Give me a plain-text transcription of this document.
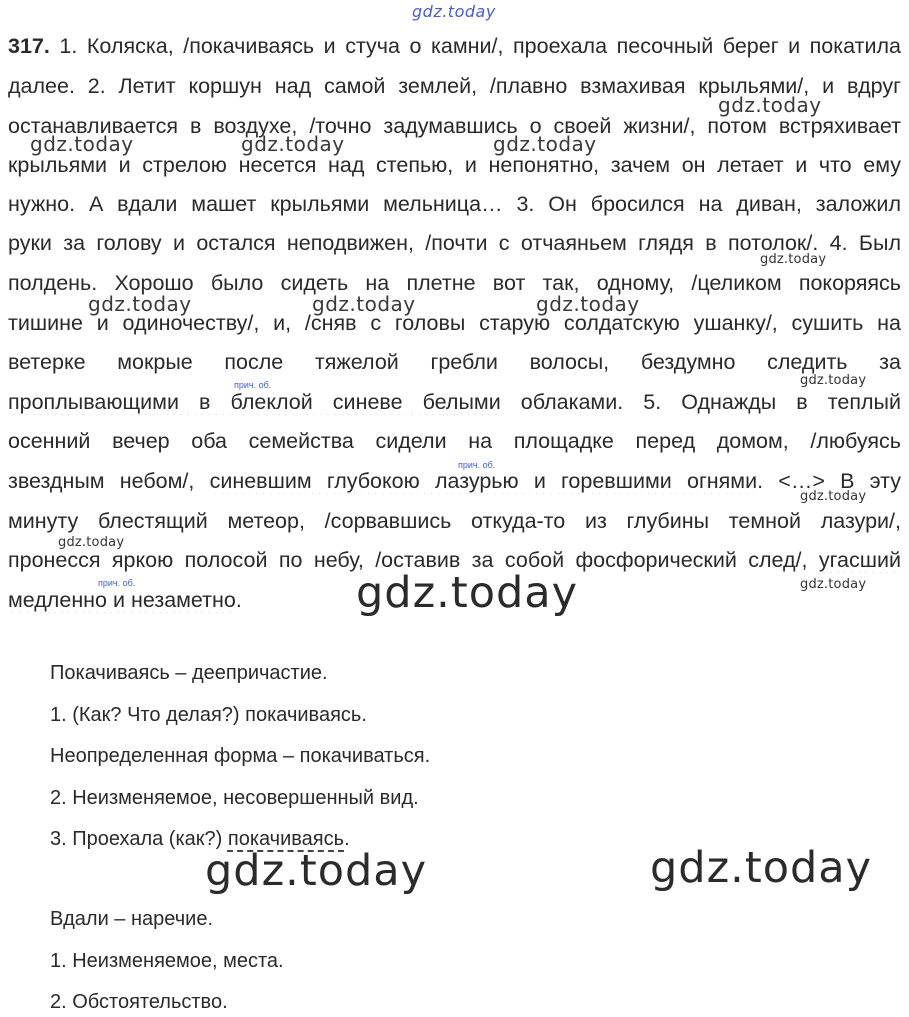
gdz.today
317. 1. Коляска, /покачиваясь и стуча о камни/, проехала песочный берег и покатила
далее. 2. Летит коршун над самой землей, /плавно взмахивая крыльями/, и вдруг
останавливается в воздухе, /точно задумавшись о своей жизни/, потом встряхивает
крыльями и стрелою несется над степью, и непонятно, зачем он летает и что ему
нужно. А вдали машет крыльями мельница… 3. Он бросился на диван, заложил
руки за голову и остался неподвижен, /почти с отчаяньем глядя в потолок/. 4. Был
полдень. Хорошо было сидеть на плетне вот так, одному, /целиком покоряясь
тишине и одиночеству/, и, /сняв с головы старую солдатскую ушанку/, сушить на
ветерке мокрые после тяжелой гребли волосы, бездумно следить за
проплывающими в блеклой синеве белыми облаками. 5. Однажды в теплый
осенний вечер оба семейства сидели на площадке перед домом, /любуясь
звездным небом/, синевшим глубокою лазурью и горевшими огнями. <…> В эту
минуту блестящий метеор, /сорвавшись откуда-то из глубины темной лазури/,
пронесся яркою полосой по небу, /оставив за собой фосфорический след/, угасший
медленно и незаметно.
прич. об.
прич. об.
прич. об.
gdz.today
gdz.today	gdz.today	gdz.today
gdz.today
gdz.today	gdz.today	gdz.today
gdz.today
gdz.today
gdz.today
gdz.today
gdz.today
Покачиваясь – деепричастие.
1. (Как? Что делая?) покачиваясь.
Неопределенная форма – покачиваться.
2. Неизменяемое, несовершенный вид.
3. Проехала (как?) покачиваясь.
gdz.today	gdz.today
Вдали – наречие.
1. Неизменяемое, места.
2. Обстоятельство.
